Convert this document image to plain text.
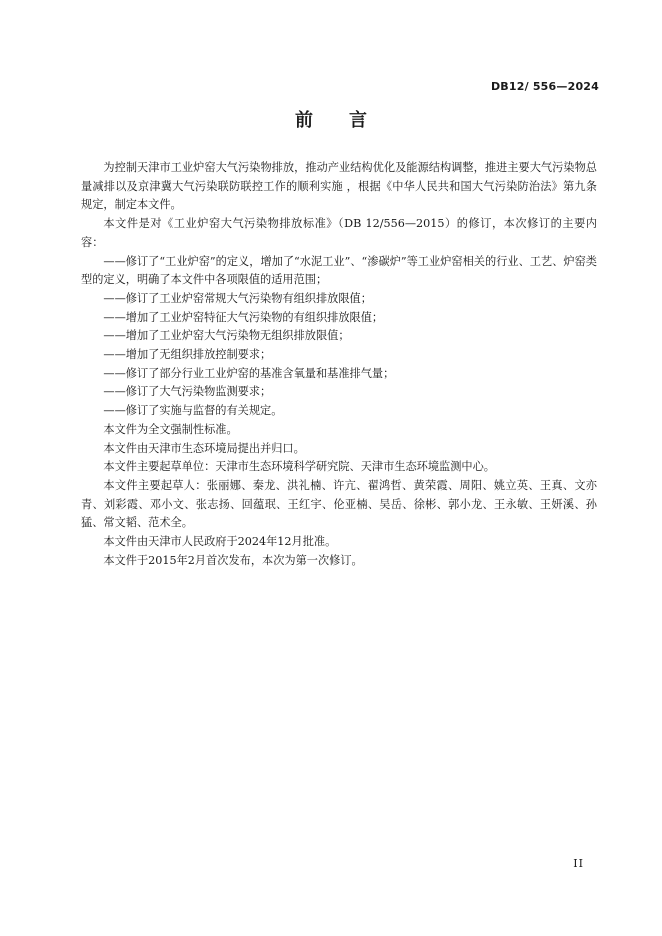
DB12/ 556—2024
前　　言

为控制天津市工业炉窑大气污染物排放，推动产业结构优化及能源结构调整，推进主要大气污染物总量减排以及京津冀大气污染联防联控工作的顺利实施 ，根据《中华人民共和国大气污染防治法》第九条规定，制定本文件。

本文件是对《工业炉窑大气污染物排放标准》（DB 12/556—2015）的修订，本次修订的主要内容：

——修订了“工业炉窑”的定义，增加了“水泥工业”、“渗碳炉”等工业炉窑相关的行业、工艺、炉窑类型的定义，明确了本文件中各项限值的适用范围；

——修订了工业炉窑常规大气污染物有组织排放限值；

——增加了工业炉窑特征大气污染物的有组织排放限值；

——增加了工业炉窑大气污染物无组织排放限值；

——增加了无组织排放控制要求；

——修订了部分行业工业炉窑的基准含氧量和基准排气量；

——修订了大气污染物监测要求；

——修订了实施与监督的有关规定。

本文件为全文强制性标准。

本文件由天津市生态环境局提出并归口。

本文件主要起草单位：天津市生态环境科学研究院、天津市生态环境监测中心。

本文件主要起草人：张丽娜、秦龙、洪礼楠、许亢、翟鸿哲、黄荣霞、周阳、姚立英、王真、文亦青、刘彩霞、邓小文、张志扬、回蕴珉、王红宇、伦亚楠、吴岳、徐彬、郭小龙、王永敏、王妍溪、孙猛、常文韬、范术全。

本文件由天津市人民政府于2024年12月批准。

本文件于2015年2月首次发布，本次为第一次修订。

II
